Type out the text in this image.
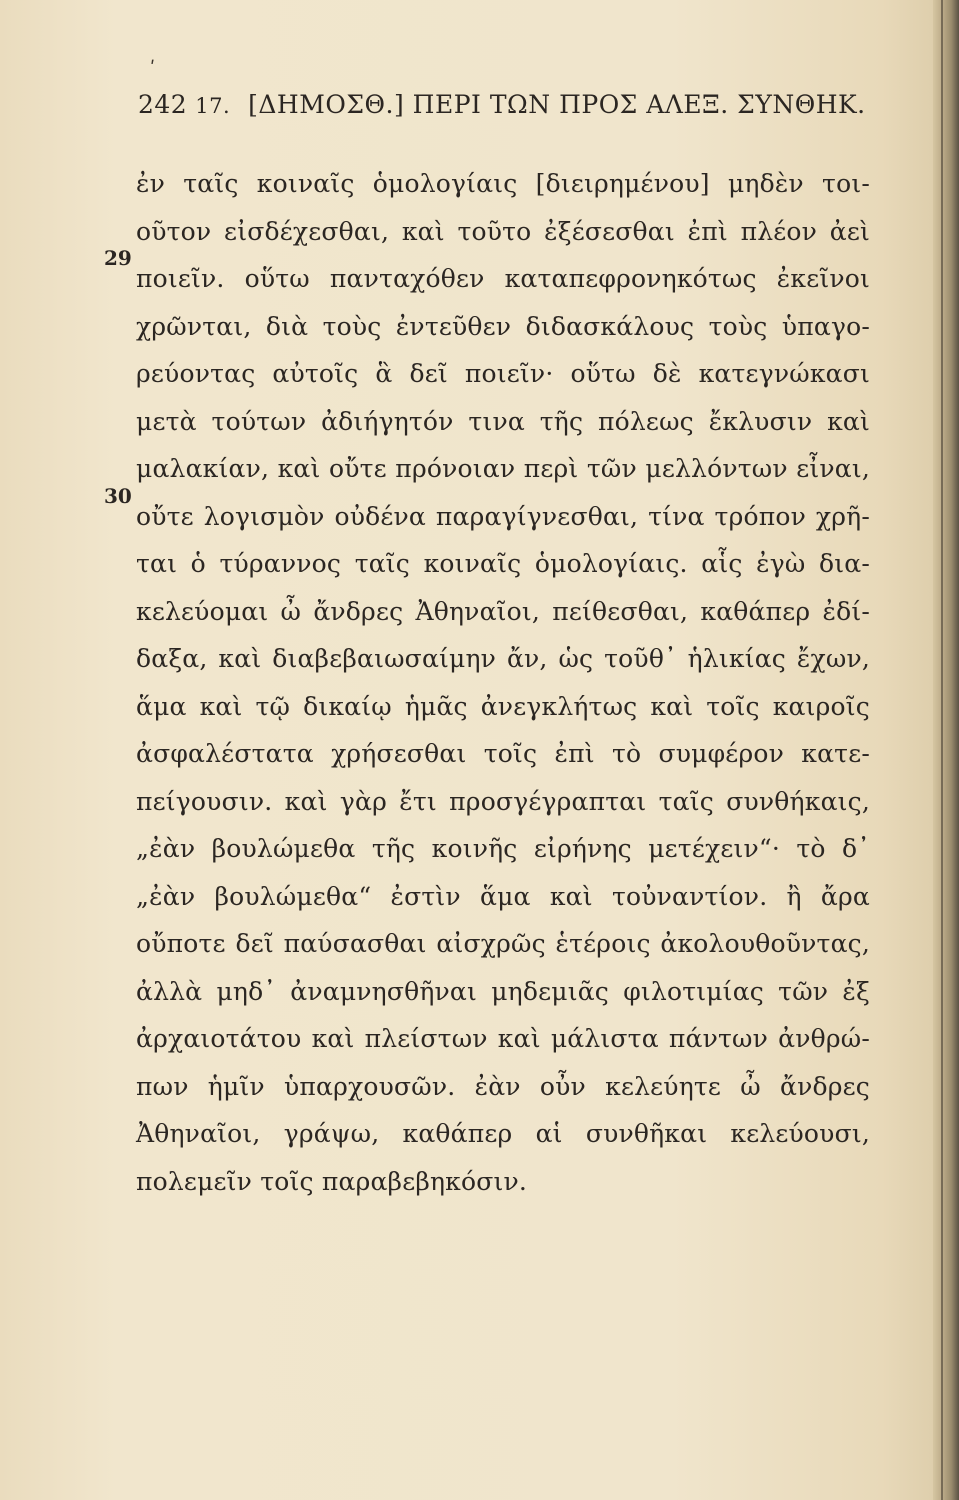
ʹ
242 17. [ΔΗΜΟΣΘ.] ΠΕΡΙ ΤΩΝ ΠΡΟΣ ΑΛΕΞ. ΣΥΝΘΗΚ.
29
30
ἐν ταῖς κοιναῖς ὁμολογίαις [διειρημένου] μηδὲν τοι-
οῦτον εἰσδέχεσθαι, καὶ τοῦτο ἐξέσεσθαι ἐπὶ πλέον ἀεὶ
ποιεῖν. οὕτω πανταχόθεν καταπεφρονηκότως ἐκεῖνοι
χρῶνται, διὰ τοὺς ἐντεῦθεν διδασκάλους τοὺς ὑπαγο-
ρεύοντας αὐτοῖς ἃ δεῖ ποιεῖν· οὕτω δὲ κατεγνώκασι
μετὰ τούτων ἀδιήγητόν τινα τῆς πόλεως ἔκλυσιν καὶ
μαλακίαν, καὶ οὔτε πρόνοιαν περὶ τῶν μελλόντων εἶναι,
οὔτε λογισμὸν οὐδένα παραγίγνεσθαι, τίνα τρόπον χρῆ-
ται ὁ τύραννος ταῖς κοιναῖς ὁμολογίαις. αἷς ἐγὼ δια-
κελεύομαι ὦ ἄνδρες Ἀθηναῖοι, πείθεσθαι, καθάπερ ἐδί-
δαξα, καὶ διαβεβαιωσαίμην ἄν, ὡς τοῦθ᾽ ἡλικίας ἔχων,
ἅμα καὶ τῷ δικαίῳ ἡμᾶς ἀνεγκλήτως καὶ τοῖς καιροῖς
ἀσφαλέστατα χρήσεσθαι τοῖς ἐπὶ τὸ συμφέρον κατε-
πείγουσιν. καὶ γὰρ ἔτι προσγέγραπται ταῖς συνθήκαις,
„ἐὰν βουλώμεθα τῆς κοινῆς εἰρήνης μετέχειν“· τὸ δ᾽
„ἐὰν βουλώμεθα“ ἐστὶν ἅμα καὶ τοὐναντίον. ἢ ἄρα
οὔποτε δεῖ παύσασθαι αἰσχρῶς ἑτέροις ἀκολουθοῦντας,
ἀλλὰ μηδ᾽ ἀναμνησθῆναι μηδεμιᾶς φιλοτιμίας τῶν ἐξ
ἀρχαιοτάτου καὶ πλείστων καὶ μάλιστα πάντων ἀνθρώ-
πων ἡμῖν ὑπαρχουσῶν. ἐὰν οὖν κελεύητε ὦ ἄνδρες
Ἀθηναῖοι, γράψω, καθάπερ αἱ συνθῆκαι κελεύουσι,
πολεμεῖν τοῖς παραβεβηκόσιν.
